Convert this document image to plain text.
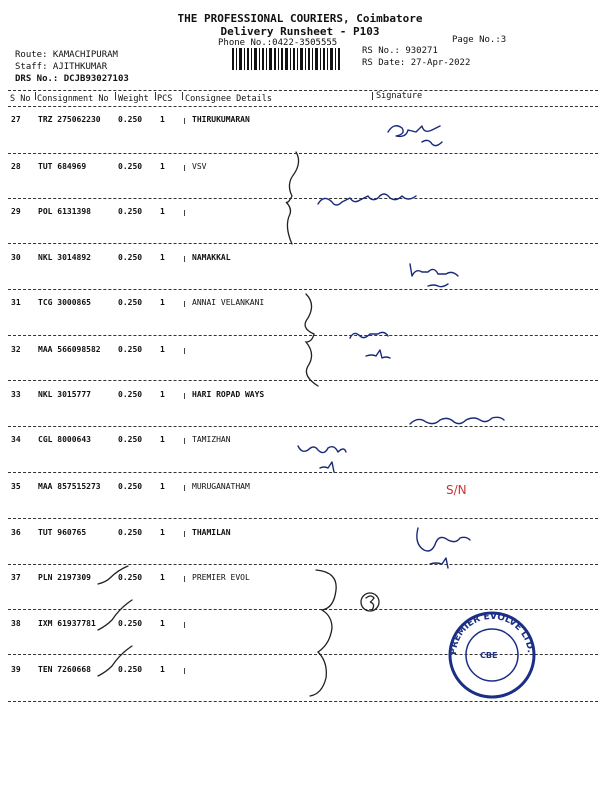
THE PROFESSIONAL COURIERS, Coimbatore
Delivery Runsheet - P103
Phone No.:0422-3505555	Page No.:3
Route: KAMACHIPURAM
Staff: AJITHKUMAR
DRS No.: DCJB93027103
RS No.: 930271
RS Date: 27-Apr-2022
S No Consignment No Weight PCS Consignee Details	Signature
27 TRZ 275062230 0.250 1	THIRUKUMARAN
28 TUT 684969	0.250 1	VSV
29 POL 6131398	0.250 1
30 NKL 3014892	0.250 1	NAMAKKAL
31 TCG 3000865	0.250 1	ANNAI VELANKANI
32 MAA 566098582 0.250 1
33 NKL 3015777	0.250 1	HARI ROPAD WAYS
34 CGL 8000643	0.250 1	TAMIZHAN
35 MAA 857515273 0.250 1	MURUGANATHAM
36 TUT 960765	0.250 1	THAMILAN
37 PLN 2197309	0.250 1	PREMIER EVOL
38 IXM 61937781	0.250 1
39 TEN 7260668	0.250 1
S/N
PREMIER EVOLVE LTD.
CBE
